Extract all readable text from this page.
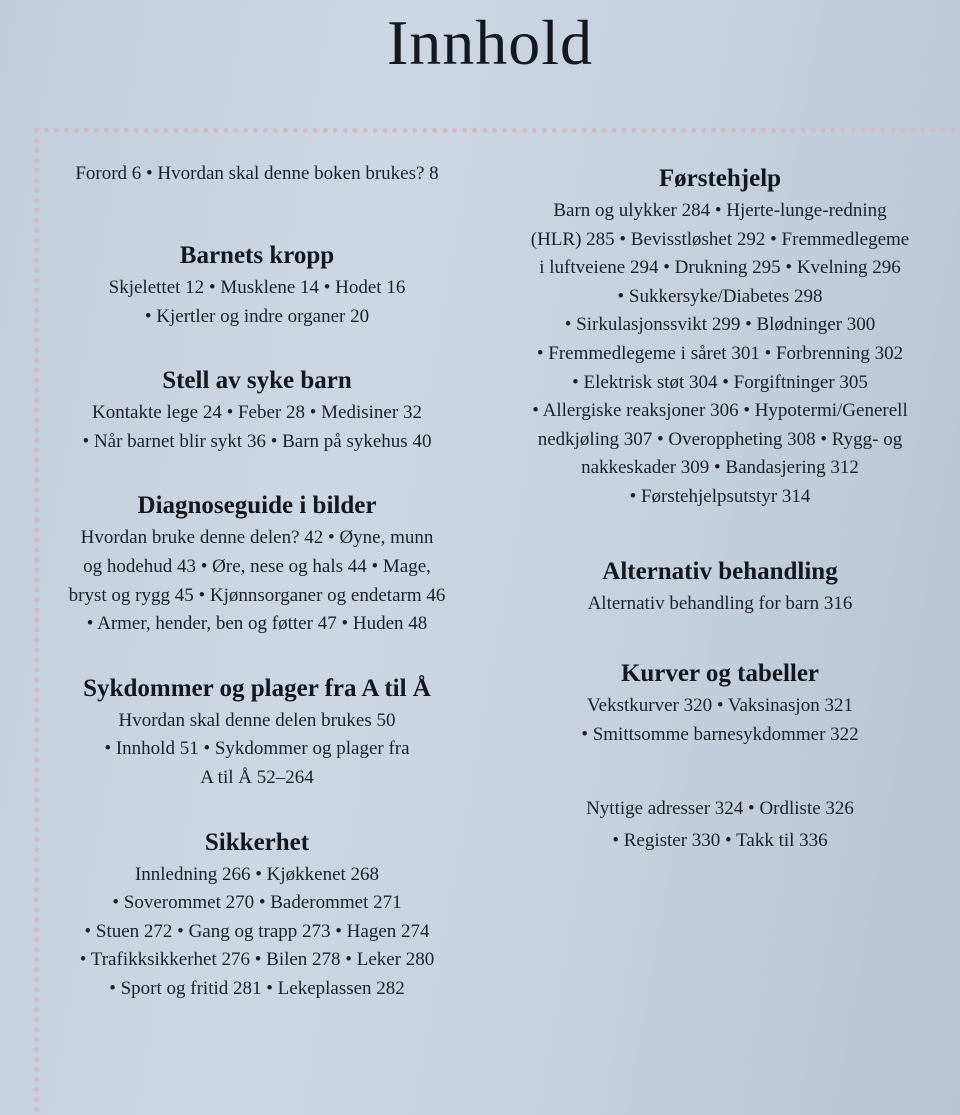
Innhold
Forord 6 • Hvordan skal denne boken brukes? 8
Barnets kropp
Skjelettet 12 • Musklene 14 • Hodet 16
• Kjertler og indre organer 20
Stell av syke barn
Kontakte lege 24 • Feber 28 • Medisiner 32
• Når barnet blir sykt 36 • Barn på sykehus 40
Diagnoseguide i bilder
Hvordan bruke denne delen? 42 • Øyne, munn
og hodehud 43 • Øre, nese og hals 44 • Mage,
bryst og rygg 45 • Kjønnsorganer og endetarm 46
• Armer, hender, ben og føtter 47 • Huden 48
Sykdommer og plager fra A til Å
Hvordan skal denne delen brukes 50
• Innhold 51 • Sykdommer og plager fra
A til Å 52–264
Sikkerhet
Innledning 266 • Kjøkkenet 268
• Soverommet 270 • Baderommet 271
• Stuen 272 • Gang og trapp 273 • Hagen 274
• Trafikksikkerhet 276 • Bilen 278 • Leker 280
• Sport og fritid 281 • Lekeplassen 282
Førstehjelp
Barn og ulykker 284 • Hjerte-lunge-redning
(HLR) 285 • Bevisstløshet 292 • Fremmedlegeme
i luftveiene 294 • Drukning 295 • Kvelning 296
• Sukkersyke/Diabetes 298
• Sirkulasjonssvikt 299 • Blødninger 300
• Fremmedlegeme i såret 301 • Forbrenning 302
• Elektrisk støt 304 • Forgiftninger 305
• Allergiske reaksjoner 306 • Hypotermi/Generell
nedkjøling 307 • Overoppheting 308 • Rygg- og
nakkeskader 309 • Bandasjering 312
• Førstehjelpsutstyr 314
Alternativ behandling
Alternativ behandling for barn 316
Kurver og tabeller
Vekstkurver 320 • Vaksinasjon 321
• Smittsomme barnesykdommer 322
Nyttige adresser 324 • Ordliste 326
• Register 330 • Takk til 336
